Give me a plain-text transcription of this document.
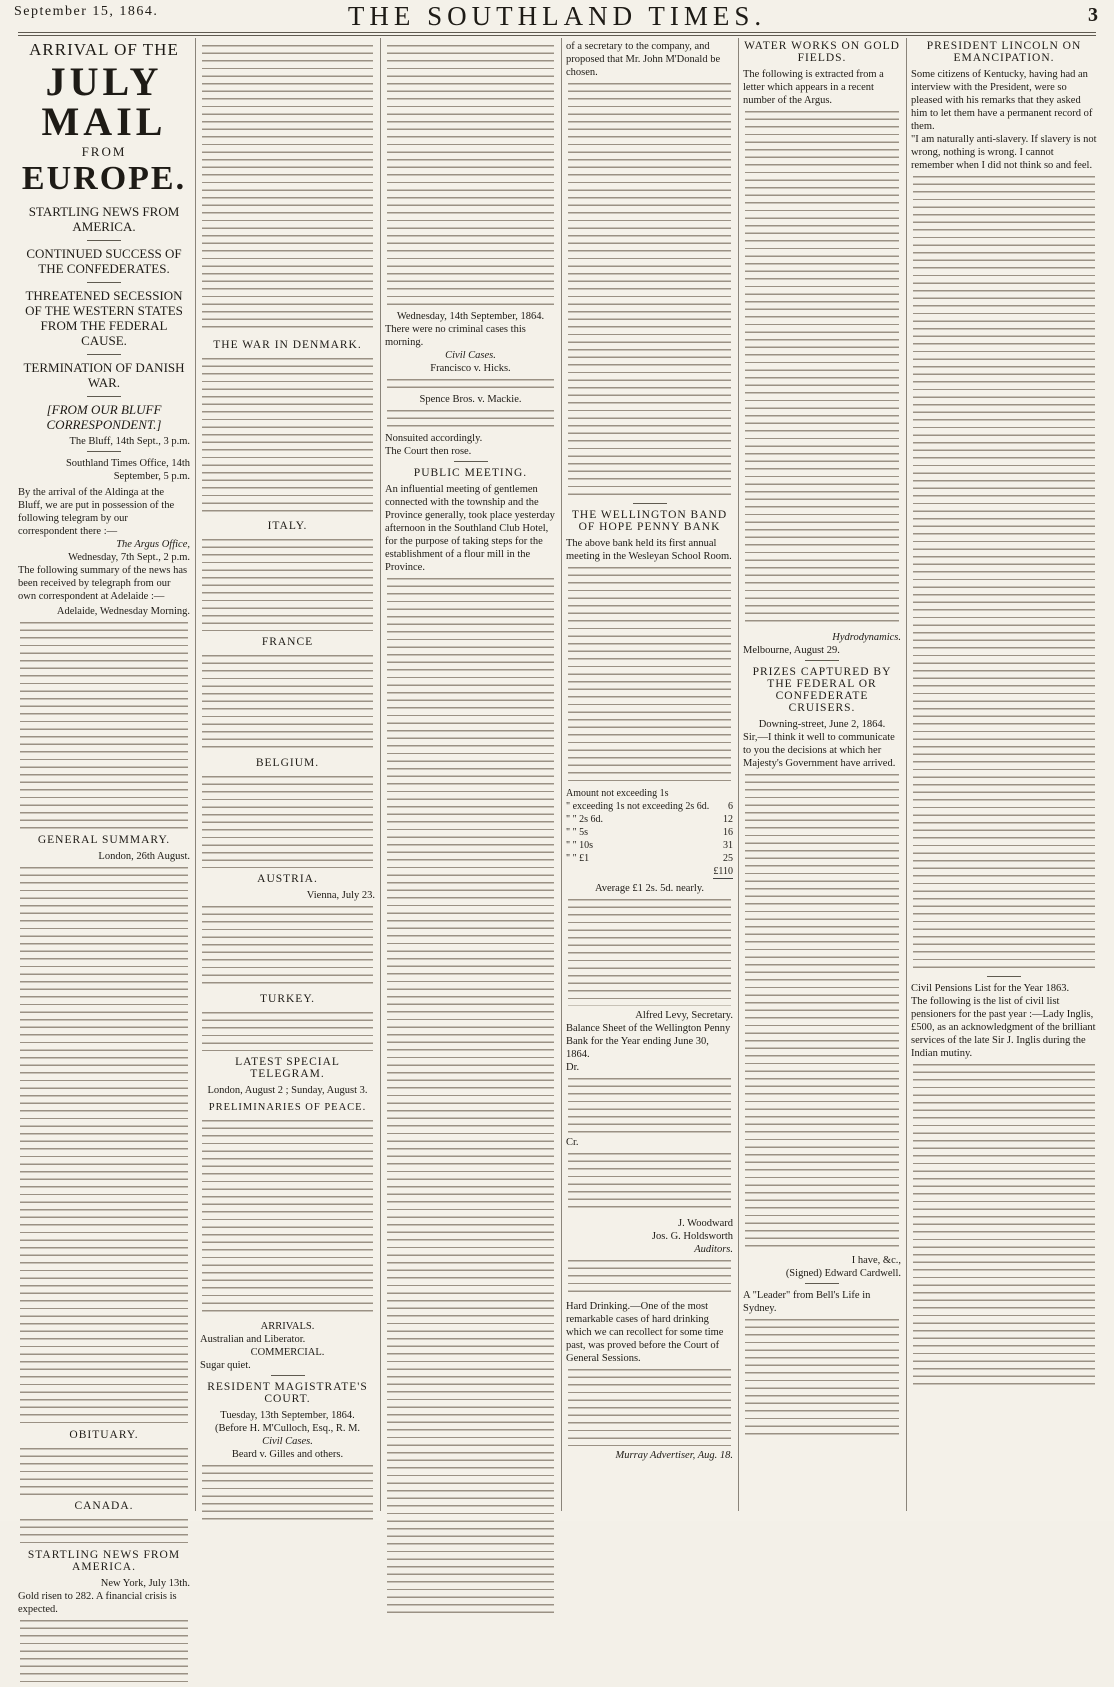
September 15, 1864.	THE SOUTHLAND TIMES.	3
ARRIVAL OF THE
JULY MAIL
FROM
EUROPE.
STARTLING NEWS FROM AMERICA.
CONTINUED SUCCESS OF THE CONFEDERATES.
THREATENED SECESSION OF THE WESTERN STATES FROM THE FEDERAL CAUSE.
TERMINATION OF DANISH WAR.
[FROM OUR BLUFF CORRESPONDENT.]
The Bluff, 14th Sept., 3 p.m.
Southland Times Office, 14th September, 5 p.m.
By the arrival of the Aldinga at the Bluff, we are put in possession of the following telegram by our correspondent there :—
The Argus Office,
Wednesday, 7th Sept., 2 p.m.
The following summary of the news has been received by telegraph from our own correspondent at Adelaide :—
Adelaide, Wednesday Morning.
GENERAL SUMMARY.
London, 26th August.
OBITUARY.
CANADA.
STARTLING NEWS FROM AMERICA.
New York, July 13th.
Gold risen to 282. A financial crisis is expected.
THE WAR IN DENMARK.
ITALY.
FRANCE
BELGIUM.
AUSTRIA.
Vienna, July 23.
TURKEY.
LATEST SPECIAL TELEGRAM.
London, August 2 ; Sunday, August 3.
PRELIMINARIES OF PEACE.
ARRIVALS.
Australian and Liberator.
COMMERCIAL.
Sugar quiet.
RESIDENT MAGISTRATE'S COURT.
Tuesday, 13th September, 1864.
(Before H. M'Culloch, Esq., R. M.
Civil Cases.
Beard v. Gilles and others.
Wednesday, 14th September, 1864.
There were no criminal cases this morning.
Civil Cases.
Francisco v. Hicks.
Spence Bros. v. Mackie.
Nonsuited accordingly.
The Court then rose.
PUBLIC MEETING.
An influential meeting of gentlemen connected with the township and the Province generally, took place yesterday afternoon in the Southland Club Hotel, for the purpose of taking steps for the establishment of a flour mill in the Province.
of a secretary to the company, and proposed that Mr. John M'Donald be chosen.
THE WELLINGTON BAND OF HOPE PENNY BANK
The above bank held its first annual meeting in the Wesleyan School Room.
Amount not exceeding 1s
" exceeding 1s not exceeding 2s 6d. 6
" " 2s 6d.	12
" " 5s	16
" " 10s	31
" " £1	25
£110
Average £1 2s. 5d. nearly.
Alfred Levy, Secretary.
Balance Sheet of the Wellington Penny Bank for the Year ending June 30, 1864.
Dr.
Cr.
J. Woodward
Jos. G. Holdsworth
Auditors.
Hard Drinking.—One of the most remarkable cases of hard drinking which we can recollect for some time past, was proved before the Court of General Sessions.
Murray Advertiser, Aug. 18.
WATER WORKS ON GOLD FIELDS.
The following is extracted from a letter which appears in a recent number of the Argus.
Hydrodynamics.
Melbourne, August 29.
PRIZES CAPTURED BY THE FEDERAL OR CONFEDERATE CRUISERS.
Downing-street, June 2, 1864.
Sir,—I think it well to communicate to you the decisions at which her Majesty's Government have arrived.
I have, &c.,
(Signed) Edward Cardwell.
A "Leader" from Bell's Life in Sydney.
PRESIDENT LINCOLN ON EMANCIPATION.
Some citizens of Kentucky, having had an interview with the President, were so pleased with his remarks that they asked him to let them have a permanent record of them.
"I am naturally anti-slavery. If slavery is not wrong, nothing is wrong. I cannot remember when I did not think so and feel.
Civil Pensions List for the Year 1863.
The following is the list of civil list pensioners for the past year :—Lady Inglis, £500, as an acknowledgment of the brilliant services of the late Sir J. Inglis during the Indian mutiny.
